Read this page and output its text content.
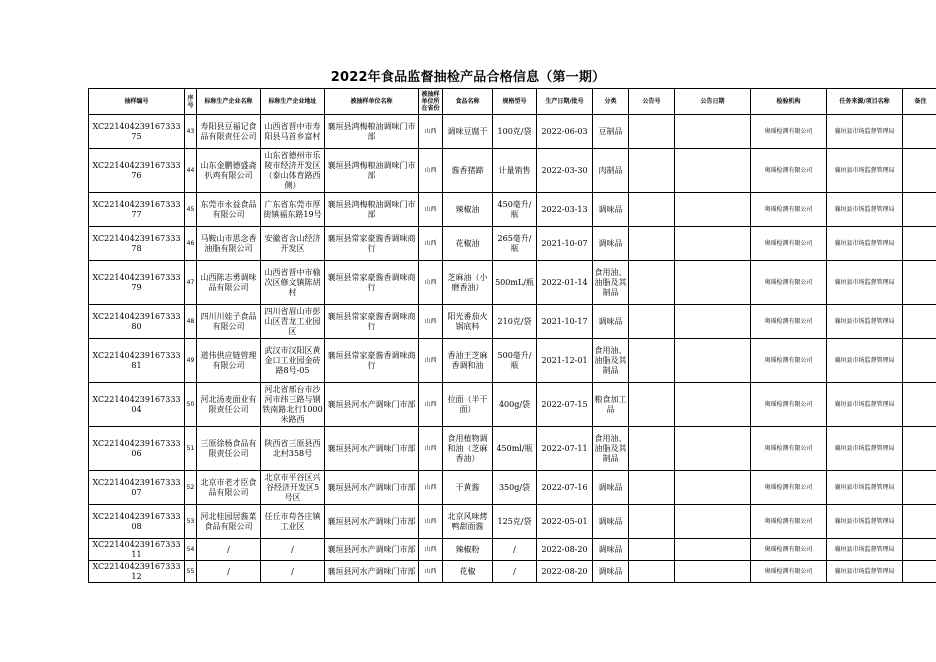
2022年食品监督抽检产品合格信息（第一期）
抽样编号	序号	标称生产企业名称	标称生产企业地址	被抽样单位名称	被抽样单位所在省份	食品名称	规格型号	生产日期/批号	分类	公告号	公告日期	检验机构	任务来源/项目名称	备注
XC22140423916733375	43	寿阳县豆福记食品有限责任公司	山西省晋中市寿阳县马首乡富村	襄垣县鸿梅粮油调味门市部	山西	调味豆腐干	100克/袋	2022-06-03	豆制品			奥瑶检测有限公司	襄垣县市场监督管理局	
XC22140423916733376	44	山东金鹏德盛斋扒鸡有限公司	山东省德州市乐陵市经济开发区（泰山体育路西侧）	襄垣县鸿梅粮油调味门市部	山西	酱香猪蹄	计量销售	2022-03-30	肉制品			奥瑶检测有限公司	襄垣县市场监督管理局	
XC22140423916733377	45	东莞市永益食品有限公司	广东省东莞市厚街镇福东路19号	襄垣县鸿梅粮油调味门市部	山西	辣椒油	450毫升/瓶	2022-03-13	调味品			奥瑶检测有限公司	襄垣县市场监督管理局	
XC22140423916733378	46	马鞍山市思念香油脂有限公司	安徽省含山经济开发区	襄垣县常家豪酱香调味商行	山西	花椒油	265毫升/瓶	2021-10-07	调味品			奥瑶检测有限公司	襄垣县市场监督管理局	
XC22140423916733379	47	山西陈志勇调味品有限公司	山西省晋中市榆次区修文镇陈胡村	襄垣县常家豪酱香调味商行	山西	芝麻油（小磨香油）	500mL/瓶	2022-01-14	食用油、油脂及其制品			奥瑶检测有限公司	襄垣县市场监督管理局	
XC22140423916733380	48	四川川娃子食品有限公司	四川省眉山市彭山区青龙工业园区	襄垣县常家豪酱香调味商行	山西	阳光番茄火锅底料	210克/袋	2021-10-17	调味品			奥瑶检测有限公司	襄垣县市场监督管理局	
XC22140423916733381	49	道伟供应链管理有限公司	武汉市汉阳区黄金口工业园金砖路8号-05	襄垣县常家豪酱香调味商行	山西	香油王芝麻香调和油	500毫升/瓶	2021-12-01	食用油、油脂及其制品			奥瑶检测有限公司	襄垣县市场监督管理局	
XC22140423916733304	50	河北汤麦面业有限责任公司	河北省邢台市沙河市纬三路与钢铁南路北行1000米路西	襄垣县河水产调味门市部	山西	拉面（半干面）	400g/袋	2022-07-15	粮食加工品			奥瑶检测有限公司	襄垣县市场监督管理局	
XC22140423916733306	51	三原徐杨食品有限责任公司	陕西省三原县西北村358号	襄垣县河水产调味门市部	山西	食用植物调和油（芝麻香油）	450ml/瓶	2022-07-11	食用油、油脂及其制品			奥瑶检测有限公司	襄垣县市场监督管理局	
XC22140423916733307	52	北京市老才臣食品有限公司	北京市平谷区兴谷经济开发区5号区	襄垣县河水产调味门市部	山西	干黄酱	350g/袋	2022-07-16	调味品			奥瑶检测有限公司	襄垣县市场监督管理局	
XC22140423916733308	53	河北桂园居酱菜食品有限公司	任丘市苟各庄镇工业区	襄垣县河水产调味门市部	山西	北京风味烤鸭甜面酱	125克/袋	2022-05-01	调味品			奥瑶检测有限公司	襄垣县市场监督管理局	
XC22140423916733311	54	/	/	襄垣县河水产调味门市部	山西	辣椒粉	/	2022-08-20	调味品			奥瑶检测有限公司	襄垣县市场监督管理局	
XC22140423916733312	55	/	/	襄垣县河水产调味门市部	山西	花椒	/	2022-08-20	调味品			奥瑶检测有限公司	襄垣县市场监督管理局	
